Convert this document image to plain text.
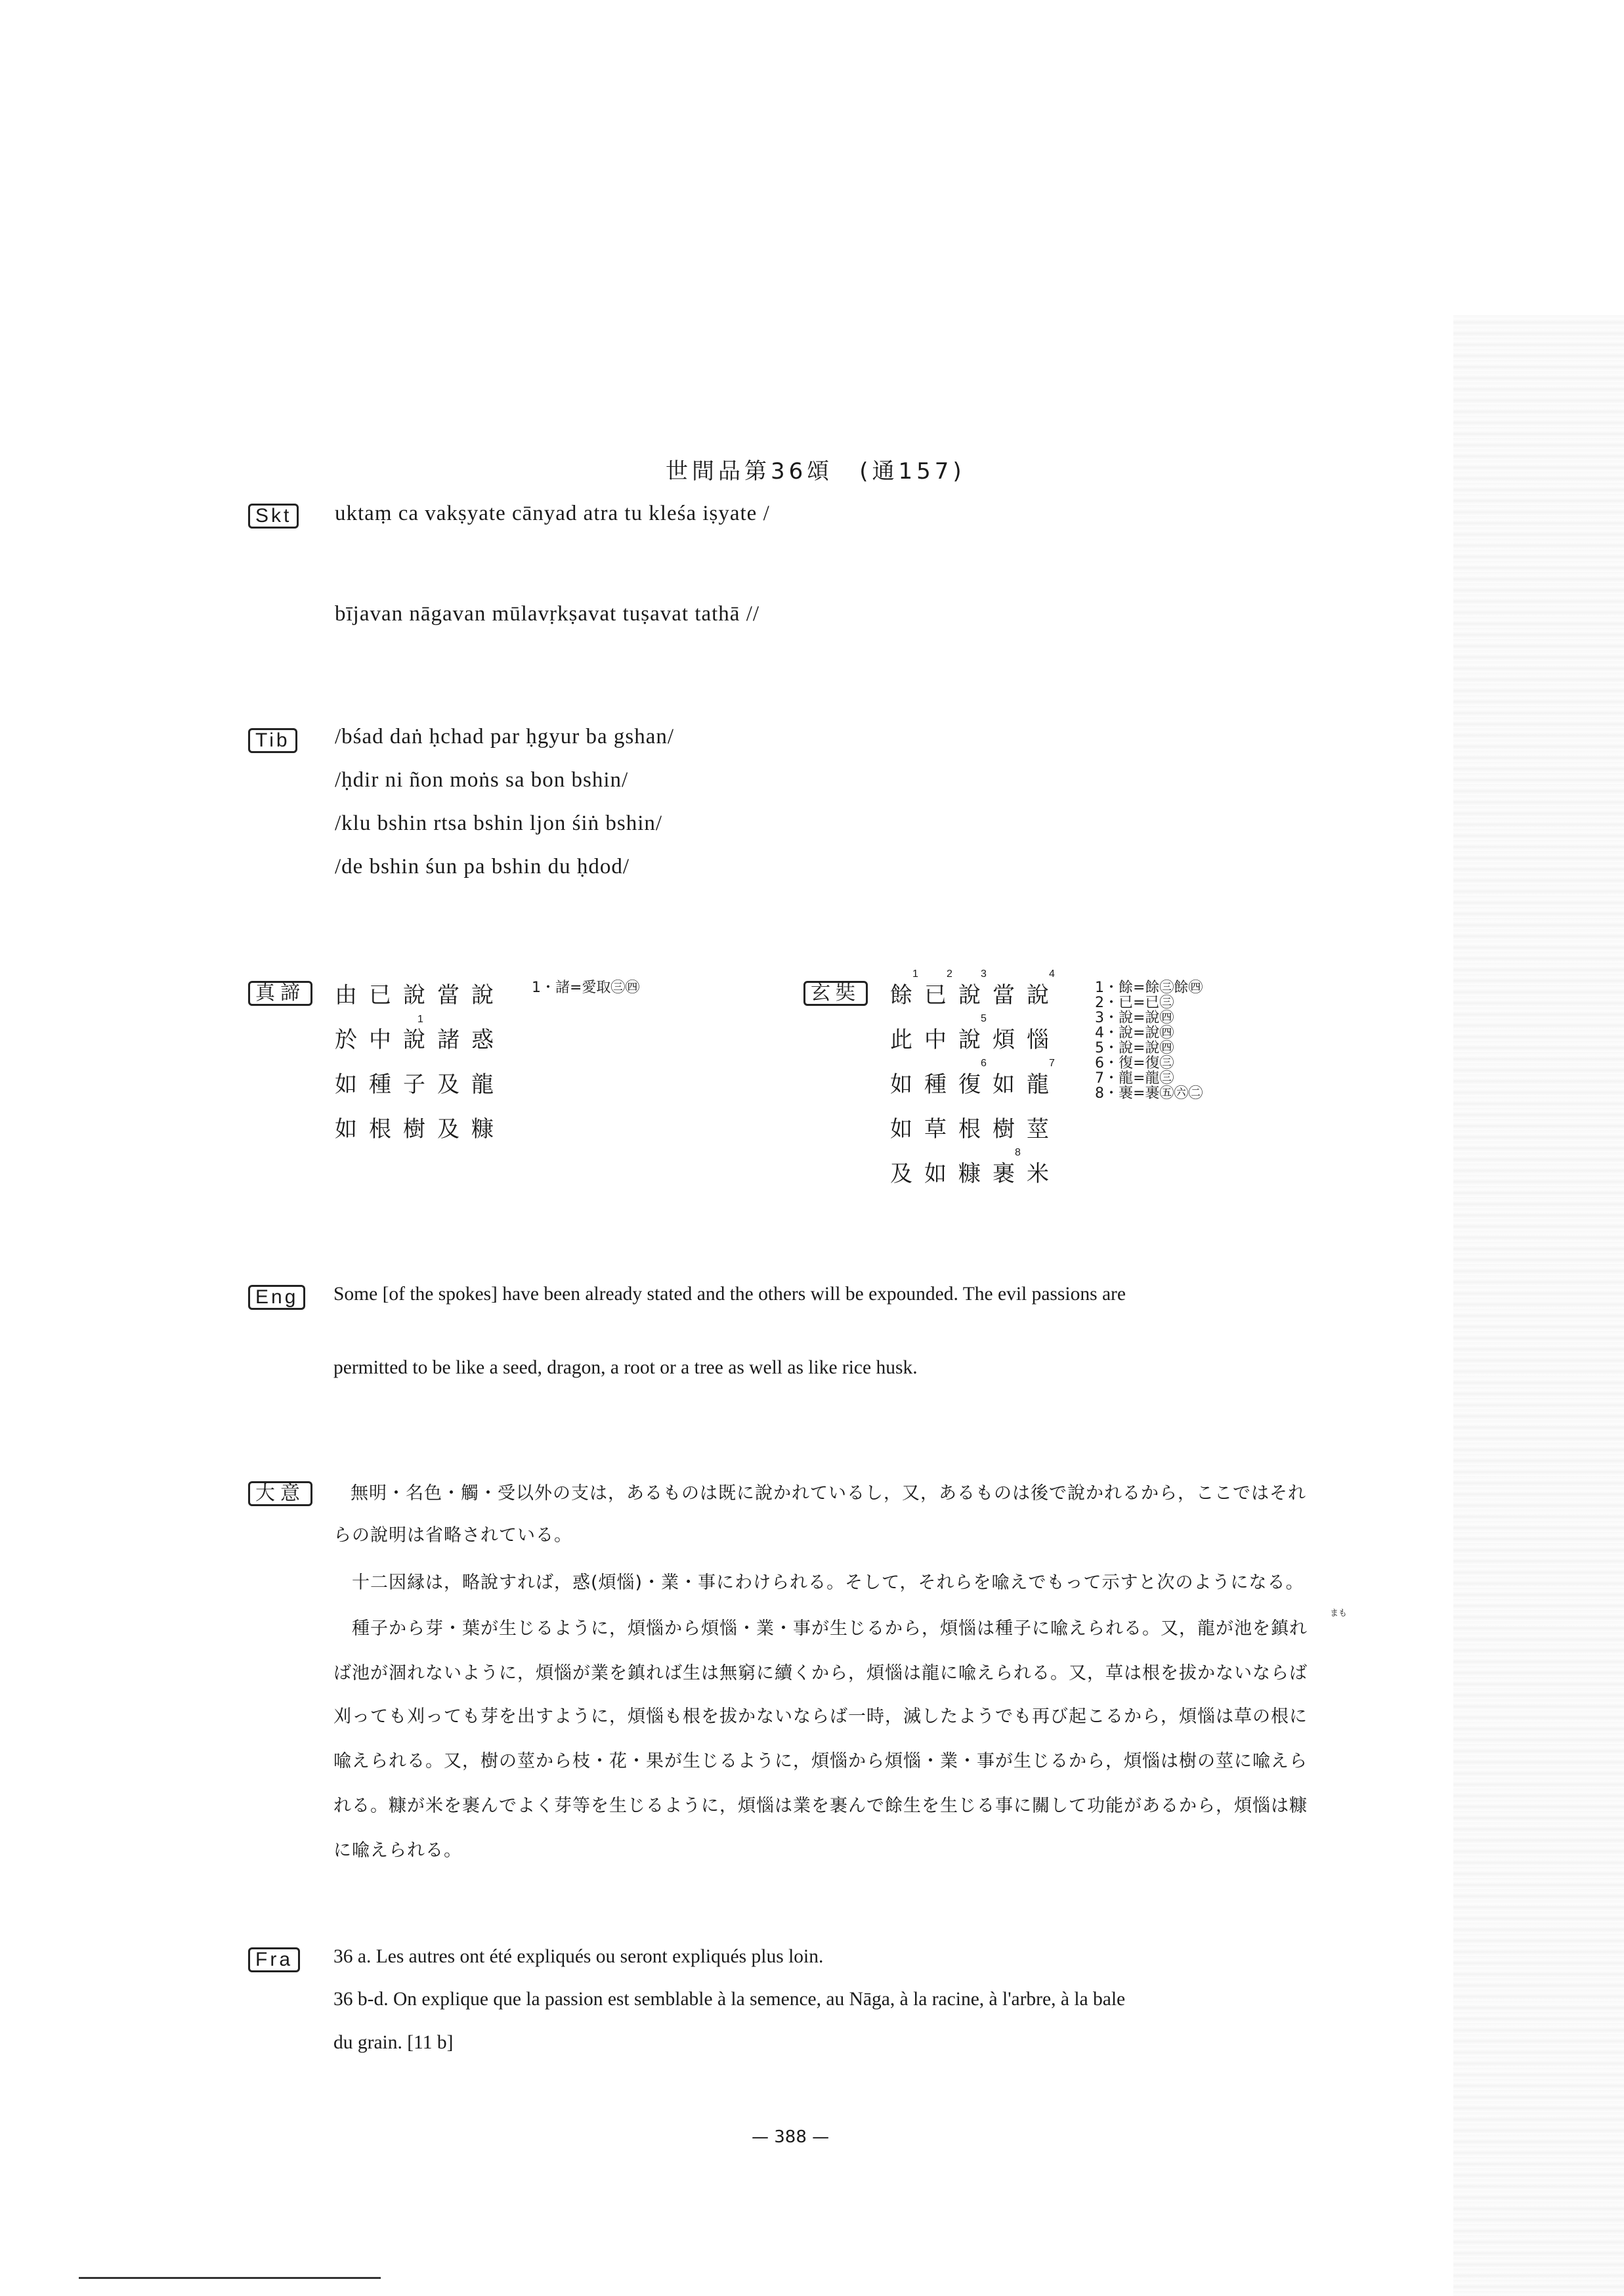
世間品第36頌　(通157)
Skt	uktaṃ ca vakṣyate cānyad atra tu kleśa iṣyate /
bījavan nāgavan mūlavṛkṣavat tuṣavat tathā //
Tib	/bśad daṅ ḥchad par ḥgyur ba gshan/
/ḥdir ni ñon moṅs sa bon bshin/
/klu bshin rtsa bshin ljon śiṅ bshin/
/de bshin śun pa bshin du ḥdod/
真諦	由已說當說
於中說諸惑
如種子及龍
如根樹及糠
1
1・諸=愛取㊂㊃	玄奘	餘已說當說
此中說煩惱
如種復如龍
如草根樹莖
及如糠裹米
1	2	3	4
5
6	7
8
1・餘=餘㊂餘㊃
2・已=已㊂
3・說=說㊃
4・說=說㊃
5・說=說㊃
6・復=復㊂
7・龍=龍㊂
8・裹=裹㊄㊅㊁
Eng	Some [of the spokes] have been already stated and the others will be expounded. The evil passions are
permitted to be like a seed, dragon, a root or a tree as well as like rice husk.
大意
まも
無明・名色・觸・受以外の支は，あるものは既に說かれているし，又，あるものは後で說かれるから，ここではそれ
らの說明は省略されている。
　十二因縁は，略說すれば，惑(煩惱)・業・事にわけられる。そして，それらを喩えでもって示すと次のようになる。
　種子から芽・葉が生じるように，煩惱から煩惱・業・事が生じるから，煩惱は種子に喩えられる。又，龍が池を鎮れ
ば池が涸れないように，煩惱が業を鎮れば生は無窮に續くから，煩惱は龍に喩えられる。又，草は根を拔かないならば
刈っても刈っても芽を出すように，煩惱も根を拔かないならば一時，滅したようでも再び起こるから，煩惱は草の根に
喩えられる。又，樹の莖から枝・花・果が生じるように，煩惱から煩惱・業・事が生じるから，煩惱は樹の莖に喩えら
れる。糠が米を裹んでよく芽等を生じるように，煩惱は業を裹んで餘生を生じる事に關して功能があるから，煩惱は糠
に喩えられる。
Fra	36 a. Les autres ont été expliqués ou seront expliqués plus loin.
36 b-d. On explique que la passion est semblable à la semence, au Nāga, à la racine, à l'arbre, à la bale
du grain. [11 b]
— 388 —
